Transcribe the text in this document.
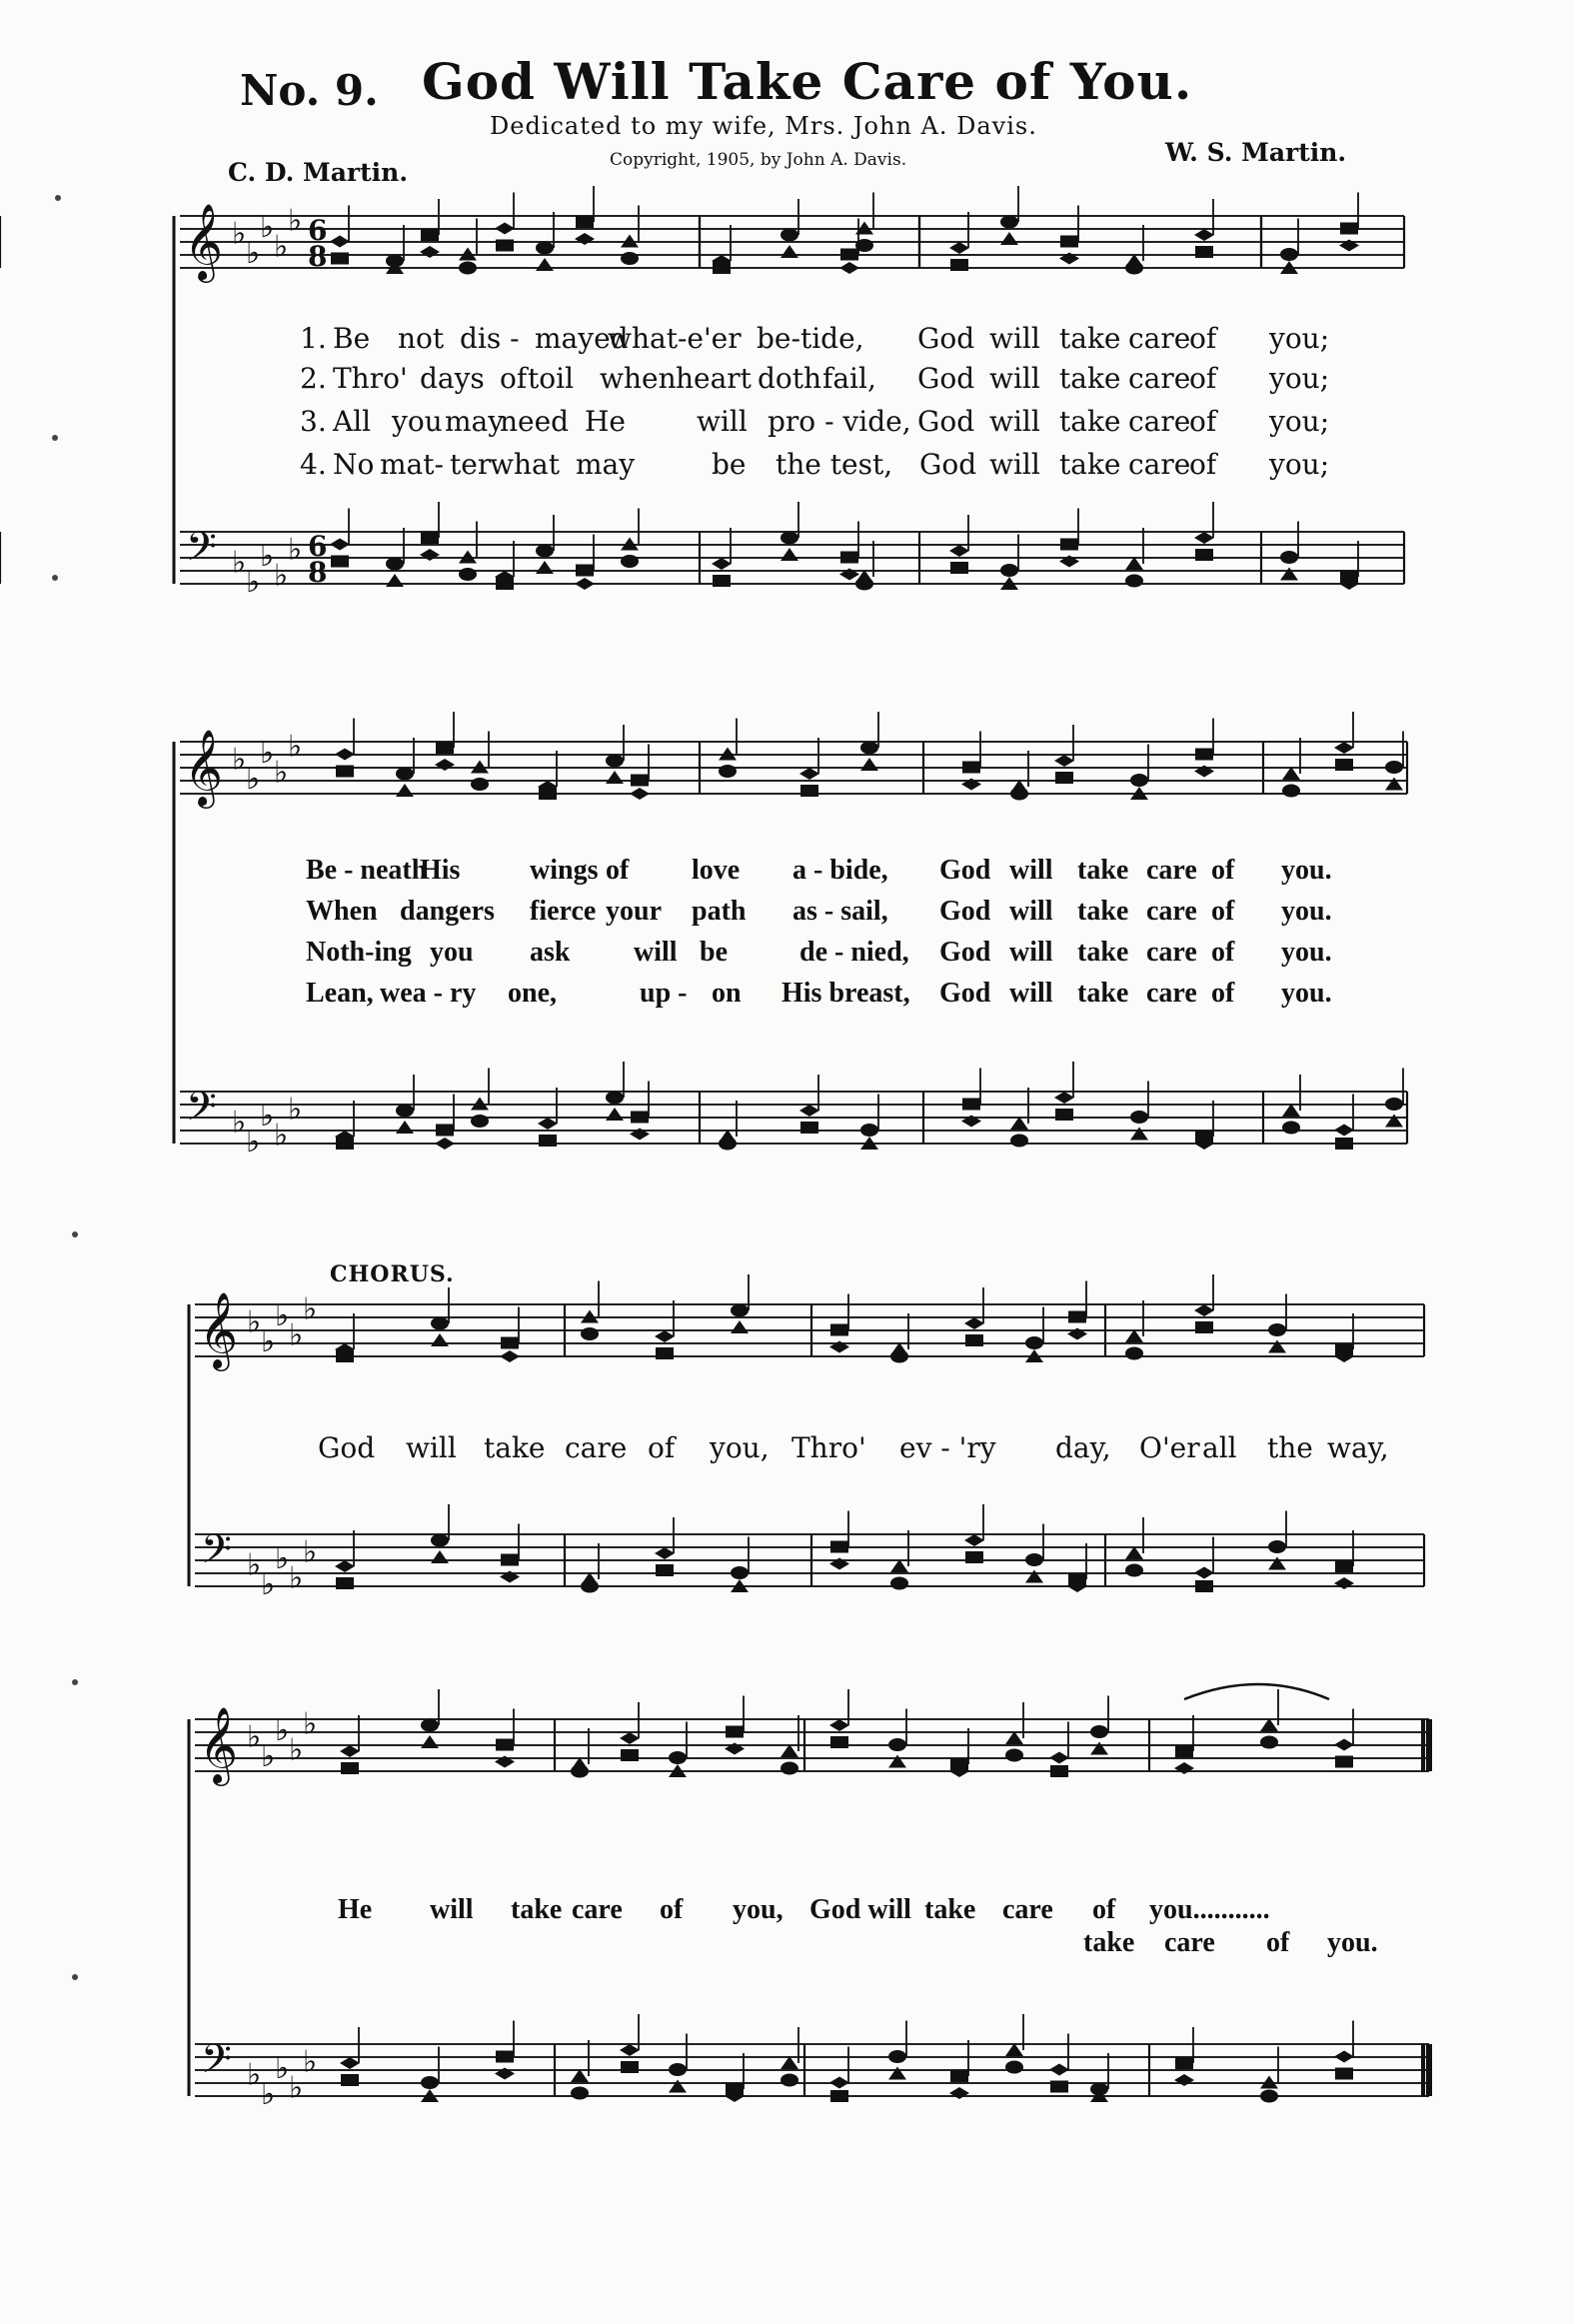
No. 9. God Will Take Care of You.
Dedicated to my wife, Mrs. John A. Davis.
Copyright, 1905, by John A. Davis.
C. D. Martin.
W. S. Martin.
𝄞
𝄢
♭
♭
♭
♭
♭
♭
♭
♭
♭
♭
6
8
6
8
𝄞
𝄢
♭
♭
♭
♭
♭
♭
♭
♭
♭
♭
𝄞
𝄢
♭
♭
♭
♭
♭
♭
♭
♭
♭
♭
𝄞
𝄢
♭
♭
♭
♭
♭
♭
♭
♭
♭
♭
1. Be not dis - mayed
what-e'er be-tide, God will take care
of you;
2. Thro' days of toil when heart doth fail, God will take care
of you;
3. All you may
need He	will pro - vide, God will take care
of you;
4. No mat- ter
what may	be the test, God will take care
of you;
Be - neath
His wings of love a - bide, God will take care of you.
When dangers fierce your path as - sail, God will take care of you.
Noth-ing you ask will be	de - nied, God will take care of you.
Lean, wea - ry one,	up - on His breast, God will take care of you.
CHORUS.
God will take care of you, Thro' ev - 'ry day, O'er all the way,
He will take care of you, God will take care of you...........
take care of you.
